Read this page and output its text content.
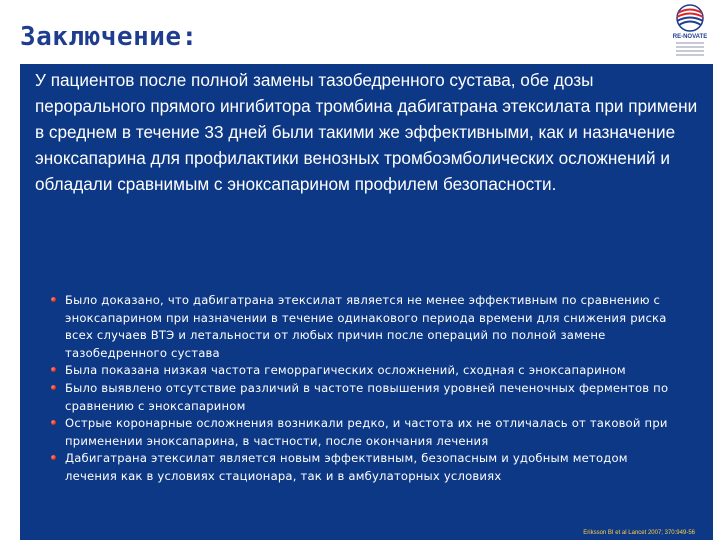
Заключение:	RE-NOVATE

У пациентов после полной замены тазобедренного сустава, обе дозы перорального прямого ингибитора тромбина дабигатрана этексилата при примени в среднем в течение 33 дней были такими же эффективными, как и назначение эноксапарина для профилактики венозных тромбоэмболических осложнений и обладали сравнимым с эноксапарином профилем безопасности.

Было доказано, что дабигатрана этексилат является не менее эффективным по сравнению с эноксапарином при назначении в течение одинакового периода времени для снижения риска всех случаев ВТЭ и летальности от любых причин после операций по полной замене тазобедренного сустава
Была показана низкая частота геморрагических осложнений, сходная с эноксапарином
Было выявлено отсутствие различий в частоте повышения уровней печеночных ферментов по сравнению с эноксапарином
Острые коронарные осложнения возникали редко, и частота их не отличалась от таковой при применении эноксапарина, в частности, после окончания лечения
Дабигатрана этексилат является новым эффективным, безопасным и удобным методом лечения как в условиях стационара, так и в амбулаторных условиях

Eriksson BI et al Lancet 2007; 370:949-56
